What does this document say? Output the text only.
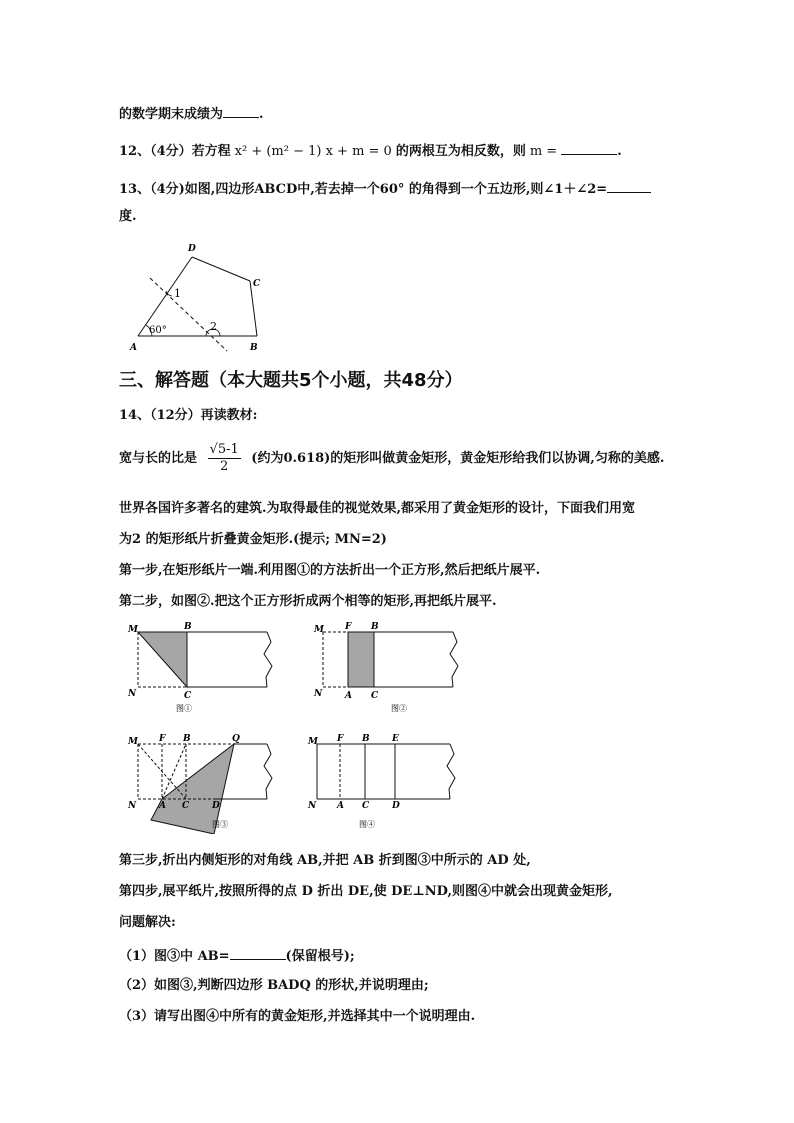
的数学期末成绩为	.
12、（4分）若方程 x² + (m² − 1) x + m = 0 的两根互为相反数，则 m =	.
13、（4分)如图,四边形ABCD中,若去掉一个60° 的角得到一个五边形,则∠1＋∠2=
度.
D
C
A	B
1
2
60°
三、解答题（本大题共5个小题，共48分）
14、（12分）再读教材:
宽与长的比是 $\frac{√5-1}{2}$ (约为0.618)的矩形叫做黄金矩形，黄金矩形给我们以协调,匀称的美感.
世界各国许多著名的建筑.为取得最佳的视觉效果,都采用了黄金矩形的设计，下面我们用宽
为2 的矩形纸片折叠黄金矩形.(提示; MN=2)
第一步,在矩形纸片一端.利用图①的方法折出一个正方形,然后把纸片展平.
第二步，如图②.把这个正方形折成两个相等的矩形,再把纸片展平.
M	B
N	C
图①
M F B
N	A C
图②
M F B	Q
N	A C	D
图③
M F B E
N A C	D
图④
第三步,折出内侧矩形的对角线 AB,并把 AB 折到图③中所示的 AD 处,
第四步,展平纸片,按照所得的点 D 折出 DE,使 DE⊥ND,则图④中就会出现黄金矩形,
问题解决:
（1）图③中 AB=	(保留根号);
（2）如图③,判断四边形 BADQ 的形状,并说明理由;
（3）请写出图④中所有的黄金矩形,并选择其中一个说明理由.
